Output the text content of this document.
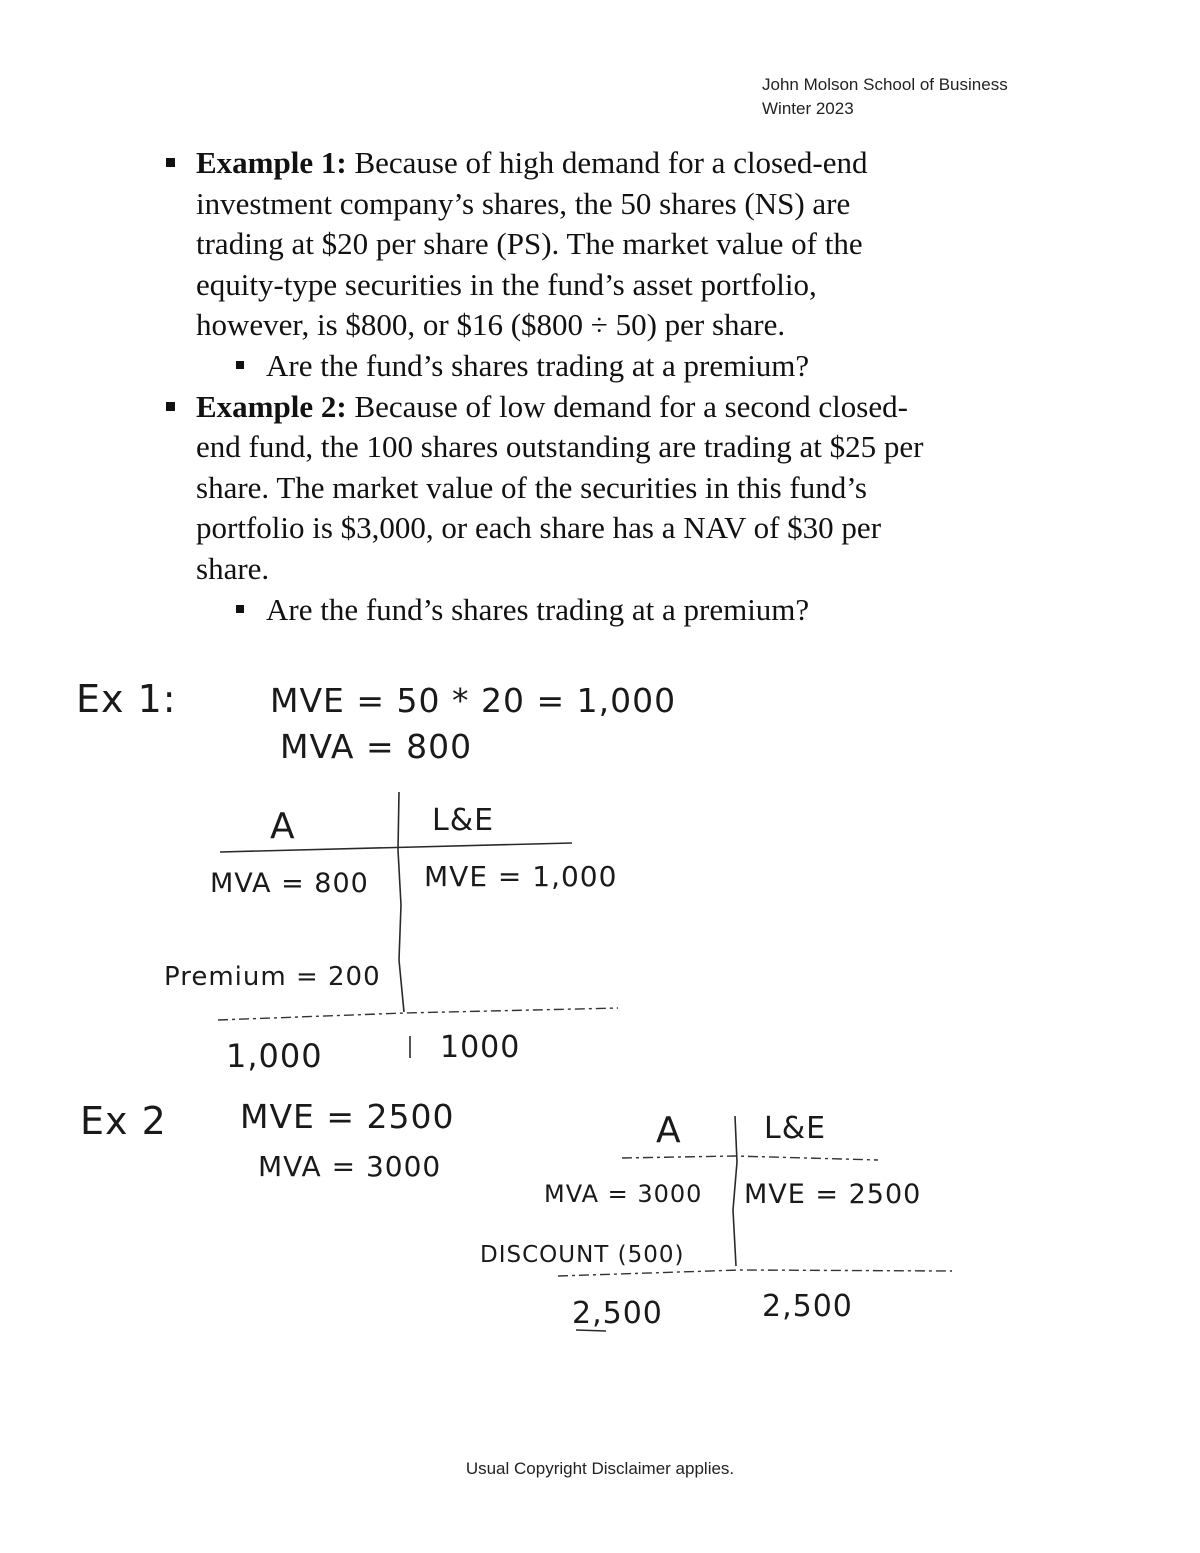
John Molson School of Business
Winter 2023
Example 1: Because of high demand for a closed-end
investment company’s shares, the 50 shares (NS) are
trading at $20 per share (PS). The market value of the
equity-type securities in the fund’s asset portfolio,
however, is $800, or $16 ($800 ÷ 50) per share.
Are the fund’s shares trading at a premium?
Example 2: Because of low demand for a second closed-
end fund, the 100 shares outstanding are trading at $25 per
share. The market value of the securities in this fund’s
portfolio is $3,000, or each share has a NAV of $30 per
share.
Are the fund’s shares trading at a premium?
Ex 1:	MVE = 50 * 20 = 1,000
MVA = 800
A	L&E
MVA = 800 MVE = 1,000
Premium = 200
1,000	1000
Ex 2 MVE = 2500
MVA = 3000
A	L&E
MVA = 3000 MVE = 2500
DISCOUNT (500)
2,500	2,500
Usual Copyright Disclaimer applies.
